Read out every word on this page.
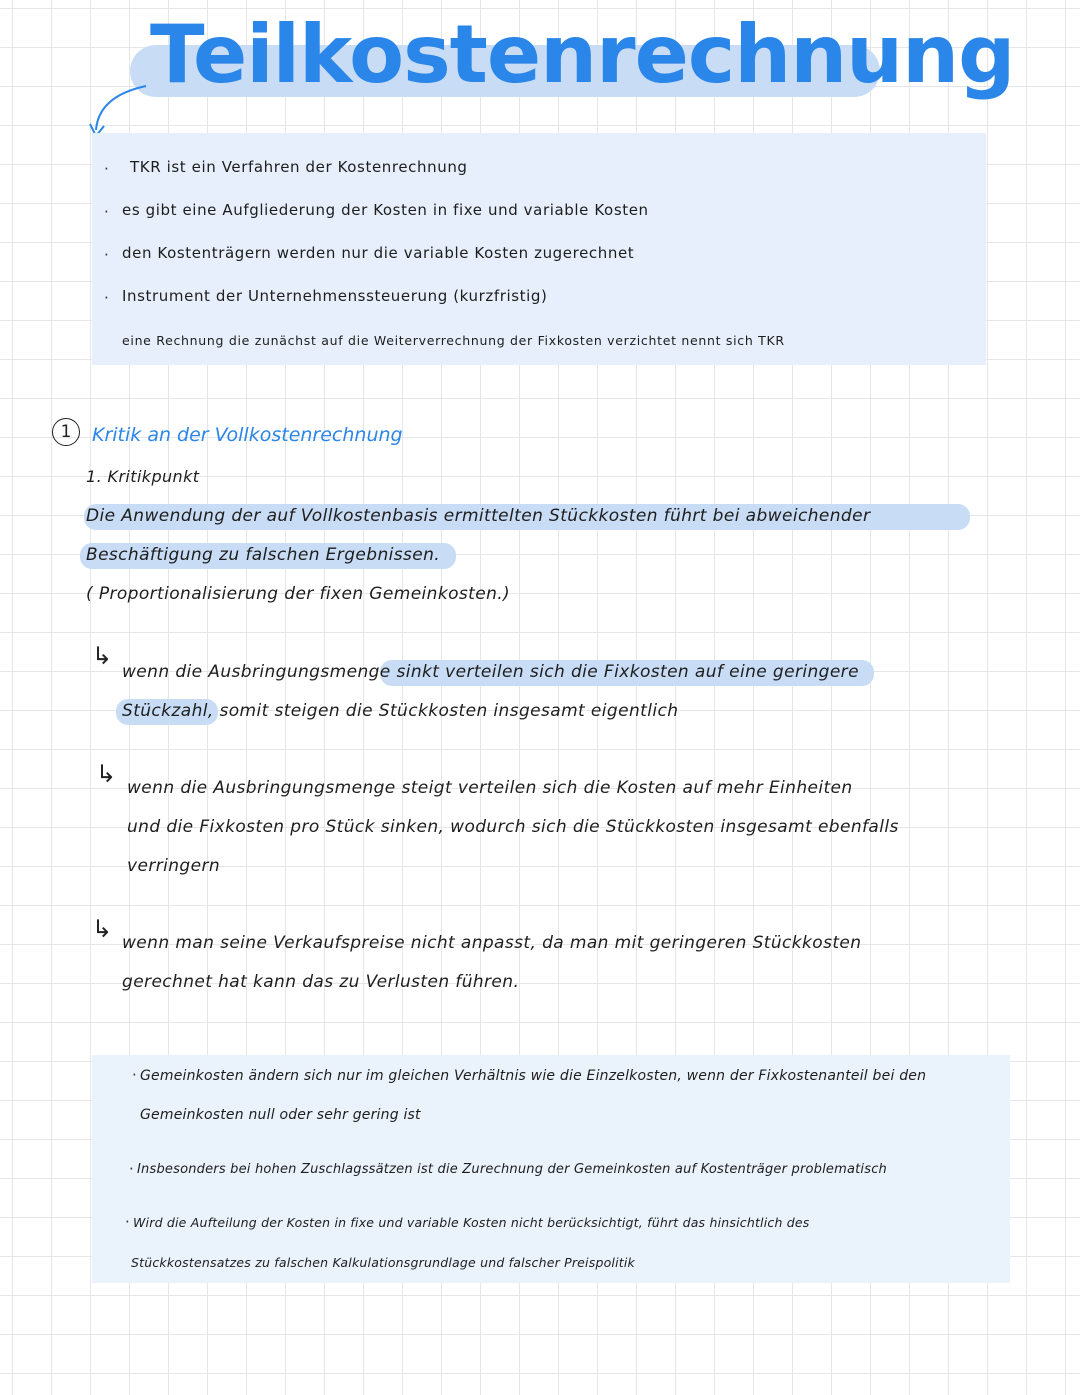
Teilkostenrechnung
· TKR ist ein Verfahren der Kostenrechnung
· es gibt eine Aufgliederung der Kosten in fixe und variable Kosten
· den Kostenträgern werden nur die variable Kosten zugerechnet
· Instrument der Unternehmenssteuerung (kurzfristig)
eine Rechnung die zunächst auf die Weiterverrechnung der Fixkosten verzichtet nennt sich TKR
1	Kritik an der Vollkostenrechnung
1. Kritikpunkt
Die Anwendung der auf Vollkostenbasis ermittelten Stückkosten führt bei abweichender
Beschäftigung zu falschen Ergebnissen.
( Proportionalisierung der fixen Gemeinkosten.)
↳
wenn die Ausbringungsmenge sinkt verteilen sich die Fixkosten auf eine geringere
Stückzahl, somit steigen die Stückkosten insgesamt eigentlich
↳ wenn die Ausbringungsmenge steigt verteilen sich die Kosten auf mehr Einheiten
und die Fixkosten pro Stück sinken, wodurch sich die Stückkosten insgesamt ebenfalls
verringern
↳ wenn man seine Verkaufspreise nicht anpasst, da man mit geringeren Stückkosten
gerechnet hat kann das zu Verlusten führen.
· Gemeinkosten ändern sich nur im gleichen Verhältnis wie die Einzelkosten, wenn der Fixkostenanteil bei den
Gemeinkosten null oder sehr gering ist
· Insbesonders bei hohen Zuschlagssätzen ist die Zurechnung der Gemeinkosten auf Kostenträger problematisch
· Wird die Aufteilung der Kosten in fixe und variable Kosten nicht berücksichtigt, führt das hinsichtlich des
Stückkostensatzes zu falschen Kalkulationsgrundlage und falscher Preispolitik
